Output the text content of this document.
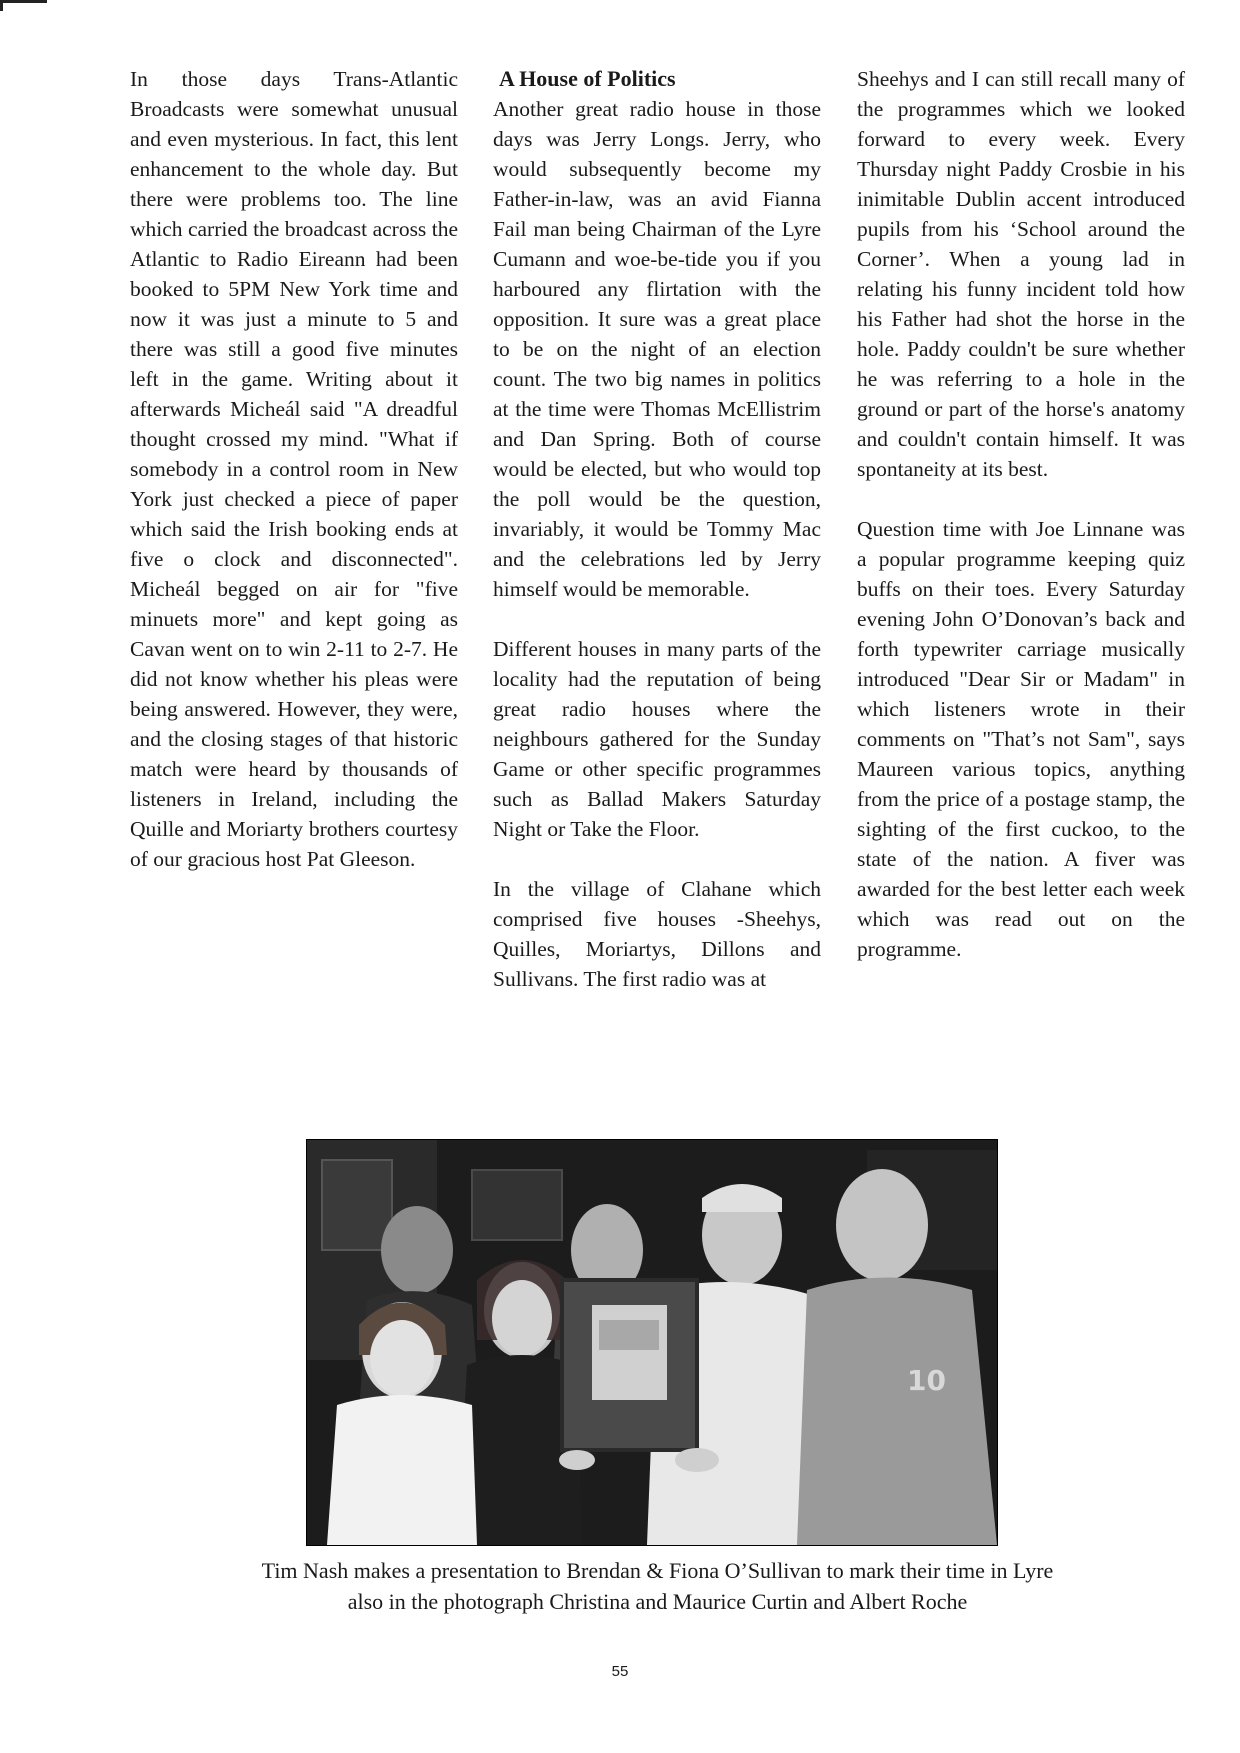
In those days Trans-Atlantic Broadcasts were somewhat unusual and even mysterious. In fact, this lent enhancement to the whole day. But there were problems too. The line which carried the broadcast across the Atlantic to Radio Eireann had been booked to 5PM New York time and now it was just a minute to 5 and there was still a good five minutes left in the game. Writing about it afterwards Micheál said "A dreadful thought crossed my mind. "What if somebody in a control room in New York just checked a piece of paper which said the Irish booking ends at five o clock and disconnected". Micheál begged on air for "five minuets more" and kept going as Cavan went on to win 2-11 to 2-7. He did not know whether his pleas were being answered. However, they were, and the closing stages of that historic match were heard by thousands of listeners in Ireland, including the Quille and Moriarty brothers courtesy of our gracious host Pat Gleeson.

A House of Politics

Another great radio house in those days was Jerry Longs. Jerry, who would subsequently become my Father-in-law, was an avid Fianna Fail man being Chairman of the Lyre Cumann and woe-be-tide you if you harboured any flirtation with the opposition. It sure was a great place to be on the night of an election count. The two big names in politics at the time were Thomas McEllistrim and Dan Spring. Both of course would be elected, but who would top the poll would be the question, invariably, it would be Tommy Mac and the celebrations led by Jerry himself would be memorable.

Different houses in many parts of the locality had the reputation of being great radio houses where the neighbours gathered for the Sunday Game or other specific programmes such as Ballad Makers Saturday Night or Take the Floor.

In the village of Clahane which comprised five houses -Sheehys, Quilles, Moriartys, Dillons and Sullivans. The first radio was at

Sheehys and I can still recall many of the programmes which we looked forward to every week. Every Thursday night Paddy Crosbie in his inimitable Dublin accent introduced pupils from his ‘School around the Corner’. When a young lad in relating his funny incident told how his Father had shot the horse in the hole. Paddy couldn't be sure whether he was referring to a hole in the ground or part of the horse's anatomy and couldn't contain himself. It was spontaneity at its best.

Question time with Joe Linnane was a popular programme keeping quiz buffs on their toes. Every Saturday evening John O’Donovan’s back and forth typewriter carriage musically introduced "Dear Sir or Madam" in which listeners wrote in their comments on "That’s not Sam", says Maureen various topics, anything from the price of a postage stamp, the sighting of the first cuckoo, to the state of the nation. A fiver was awarded for the best letter each week which was read out on the programme.

10
Tim Nash makes a presentation to Brendan & Fiona O’Sullivan to mark their time in Lyre
also in the photograph Christina and Maurice Curtin and Albert Roche
55
